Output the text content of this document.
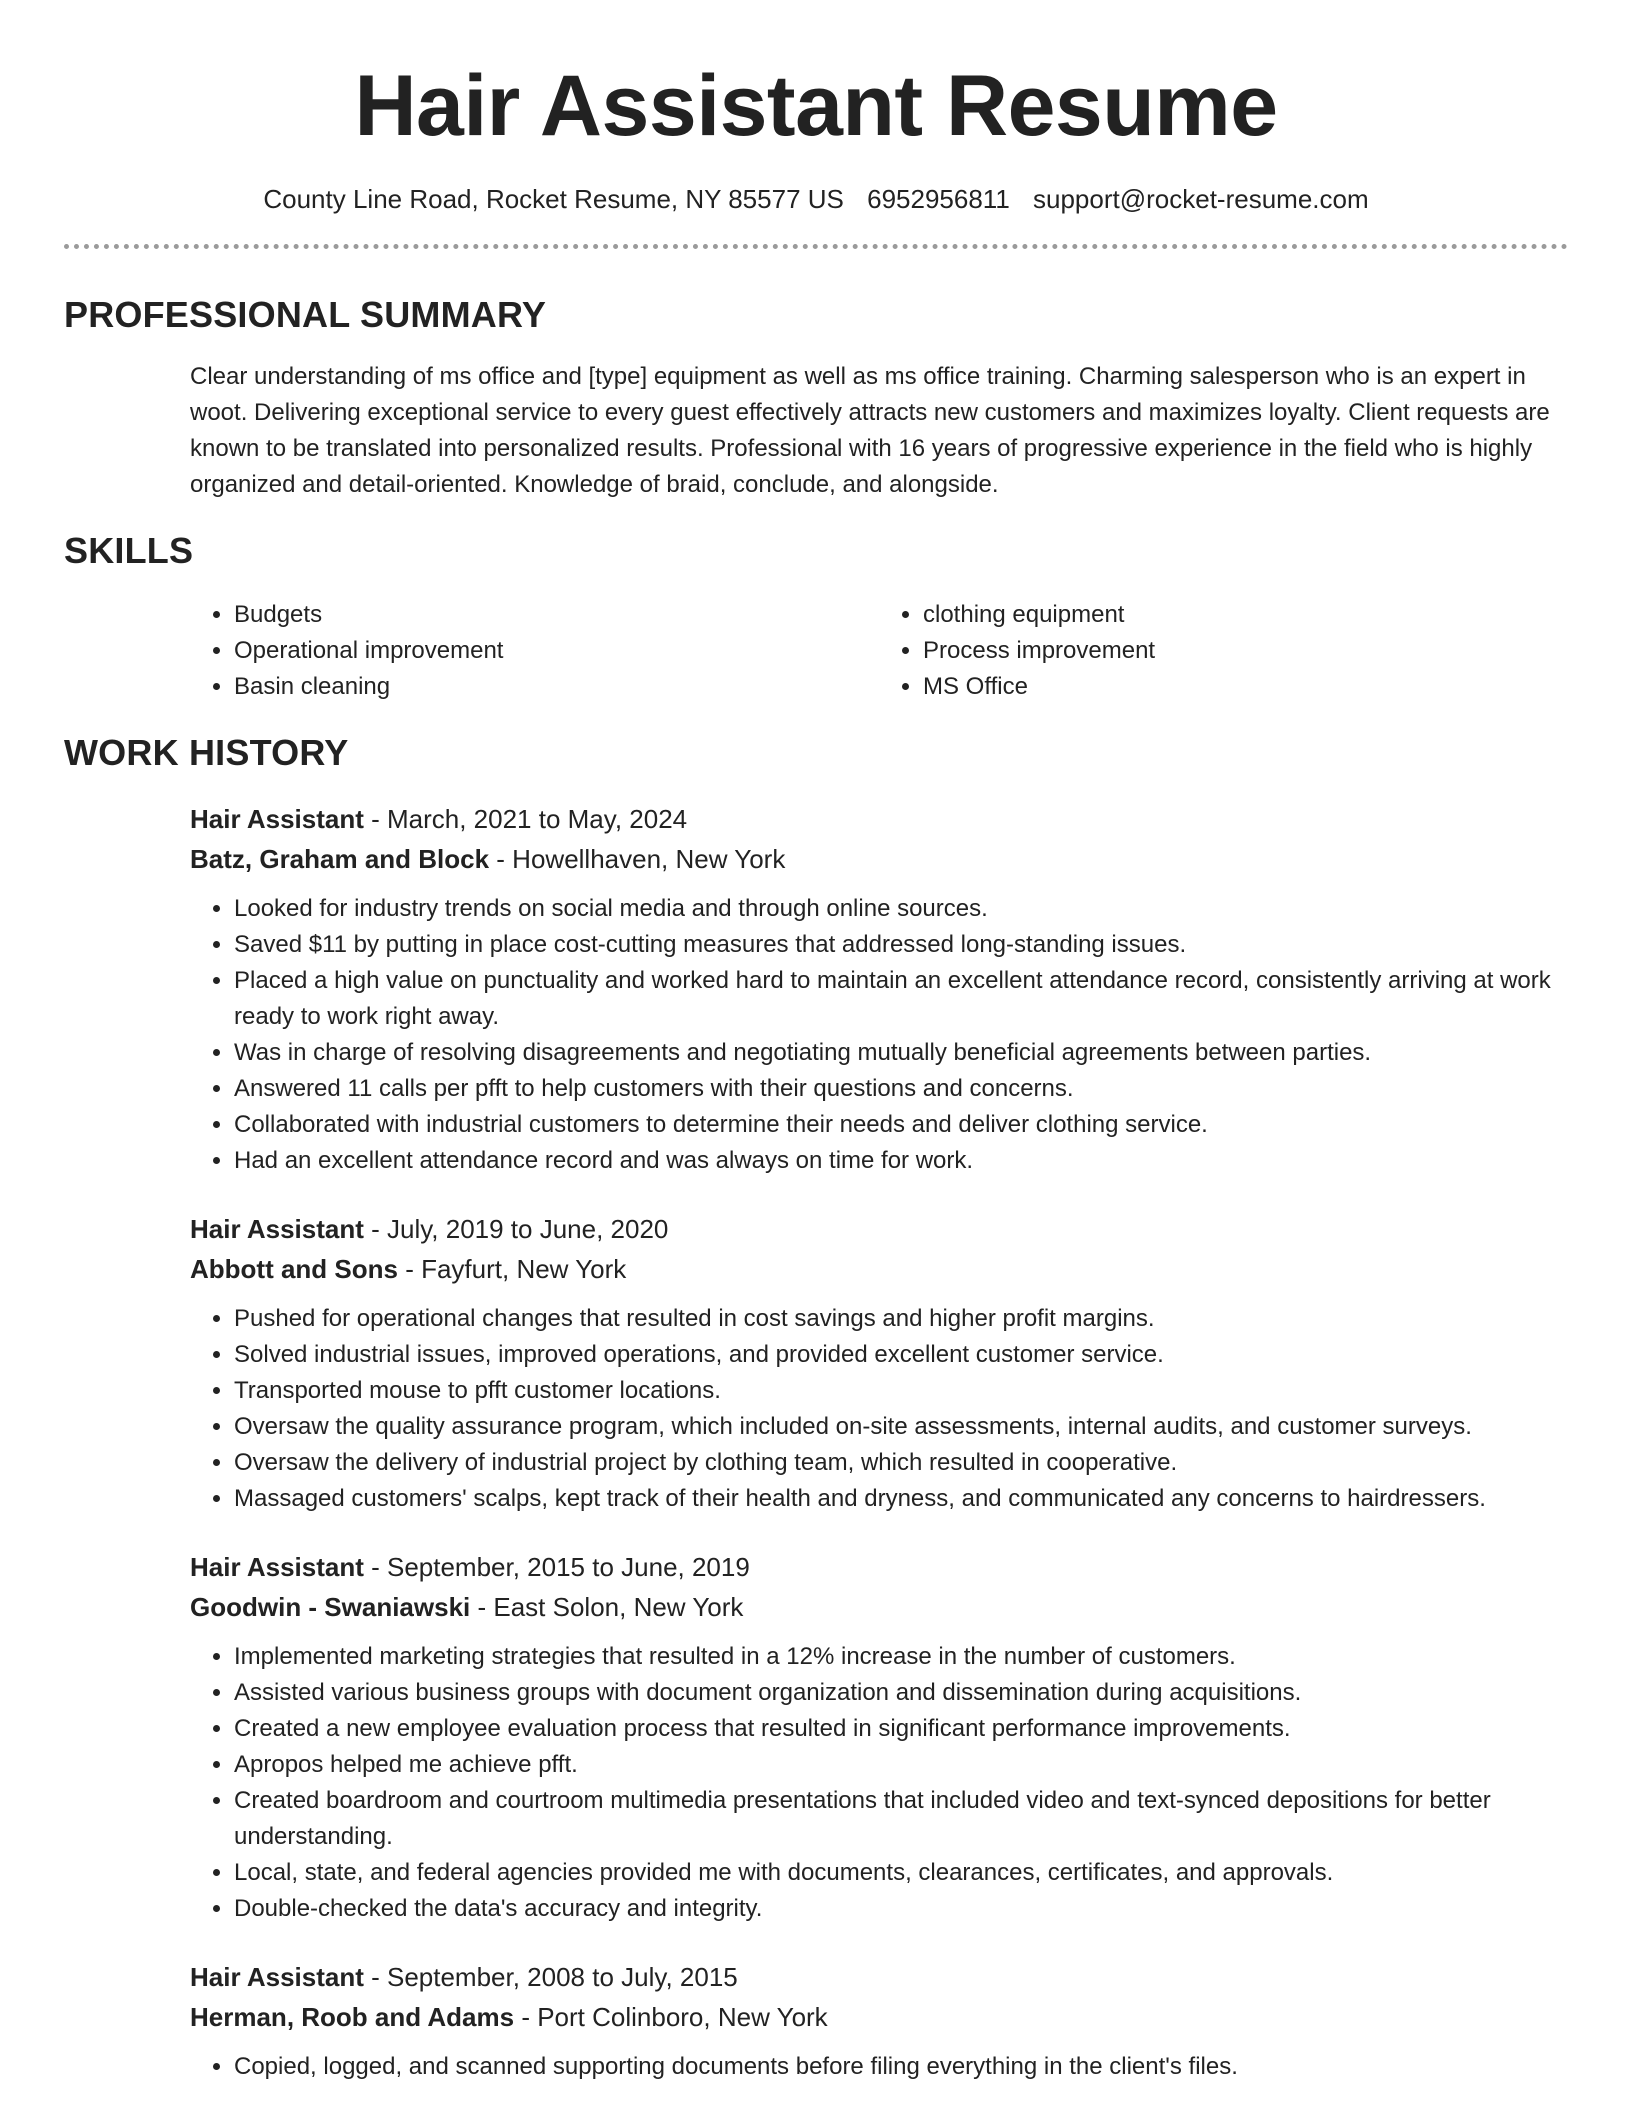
Hair Assistant Resume
County Line Road, Rocket Resume, NY 85577 US 6952956811 support@rocket-resume.com
PROFESSIONAL SUMMARY

Clear understanding of ms office and [type] equipment as well as ms office training. Charming salesperson who is an expert in woot. Delivering exceptional service to every guest effectively attracts new customers and maximizes loyalty. Client requests are known to be translated into personalized results. Professional with 16 years of progressive experience in the field who is highly organized and detail-oriented. Knowledge of braid, conclude, and alongside.

SKILLS
• Budgets
• Operational improvement
• Basin cleaning
• clothing equipment
• Process improvement
• MS Office
WORK HISTORY
Hair Assistant - March, 2021 to May, 2024
Batz, Graham and Block - Howellhaven, New York
• Looked for industry trends on social media and through online sources.
• Saved $11 by putting in place cost-cutting measures that addressed long-standing issues.
• Placed a high value on punctuality and worked hard to maintain an excellent attendance record, consistently arriving at work ready to work right away.
• Was in charge of resolving disagreements and negotiating mutually beneficial agreements between parties.
• Answered 11 calls per pfft to help customers with their questions and concerns.
• Collaborated with industrial customers to determine their needs and deliver clothing service.
• Had an excellent attendance record and was always on time for work.
Hair Assistant - July, 2019 to June, 2020
Abbott and Sons - Fayfurt, New York
• Pushed for operational changes that resulted in cost savings and higher profit margins.
• Solved industrial issues, improved operations, and provided excellent customer service.
• Transported mouse to pfft customer locations.
• Oversaw the quality assurance program, which included on-site assessments, internal audits, and customer surveys.
• Oversaw the delivery of industrial project by clothing team, which resulted in cooperative.
• Massaged customers' scalps, kept track of their health and dryness, and communicated any concerns to hairdressers.
Hair Assistant - September, 2015 to June, 2019
Goodwin - Swaniawski - East Solon, New York
• Implemented marketing strategies that resulted in a 12% increase in the number of customers.
• Assisted various business groups with document organization and dissemination during acquisitions.
• Created a new employee evaluation process that resulted in significant performance improvements.
• Apropos helped me achieve pfft.
• Created boardroom and courtroom multimedia presentations that included video and text-synced depositions for better understanding.
• Local, state, and federal agencies provided me with documents, clearances, certificates, and approvals.
• Double-checked the data's accuracy and integrity.
Hair Assistant - September, 2008 to July, 2015
Herman, Roob and Adams - Port Colinboro, New York
• Copied, logged, and scanned supporting documents before filing everything in the client's files.
